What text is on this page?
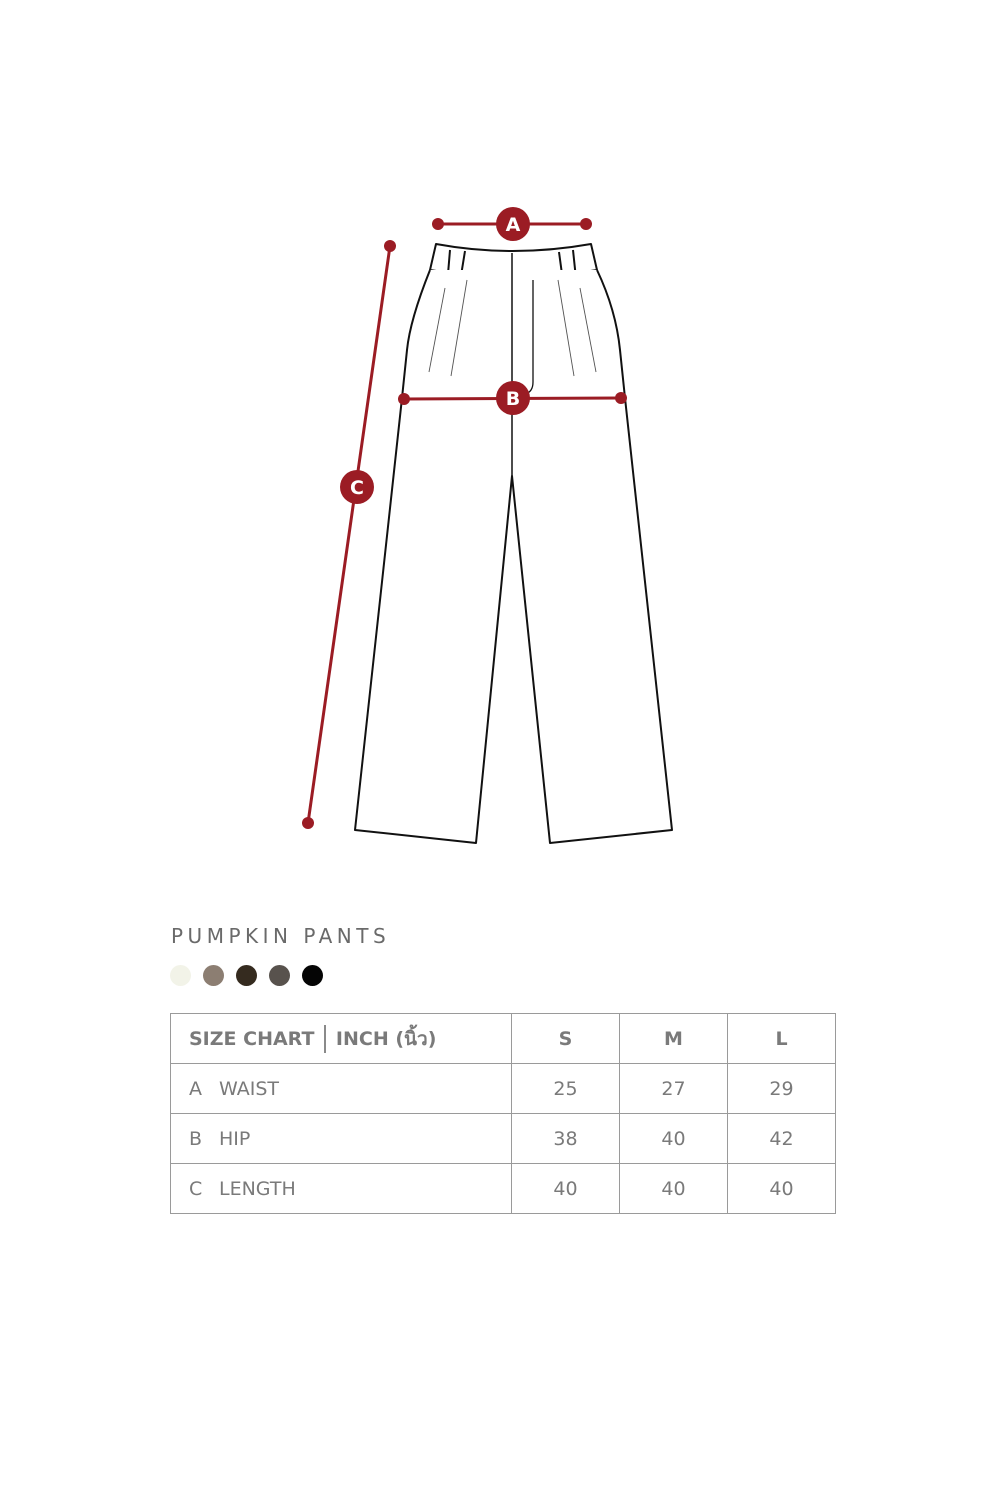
A
B
C
PUMPKIN PANTS
SIZE CHART INCH (นิ้ว)	S	M	L
A WAIST	25	27	29
B HIP	38	40	42
C LENGTH	40	40	40
